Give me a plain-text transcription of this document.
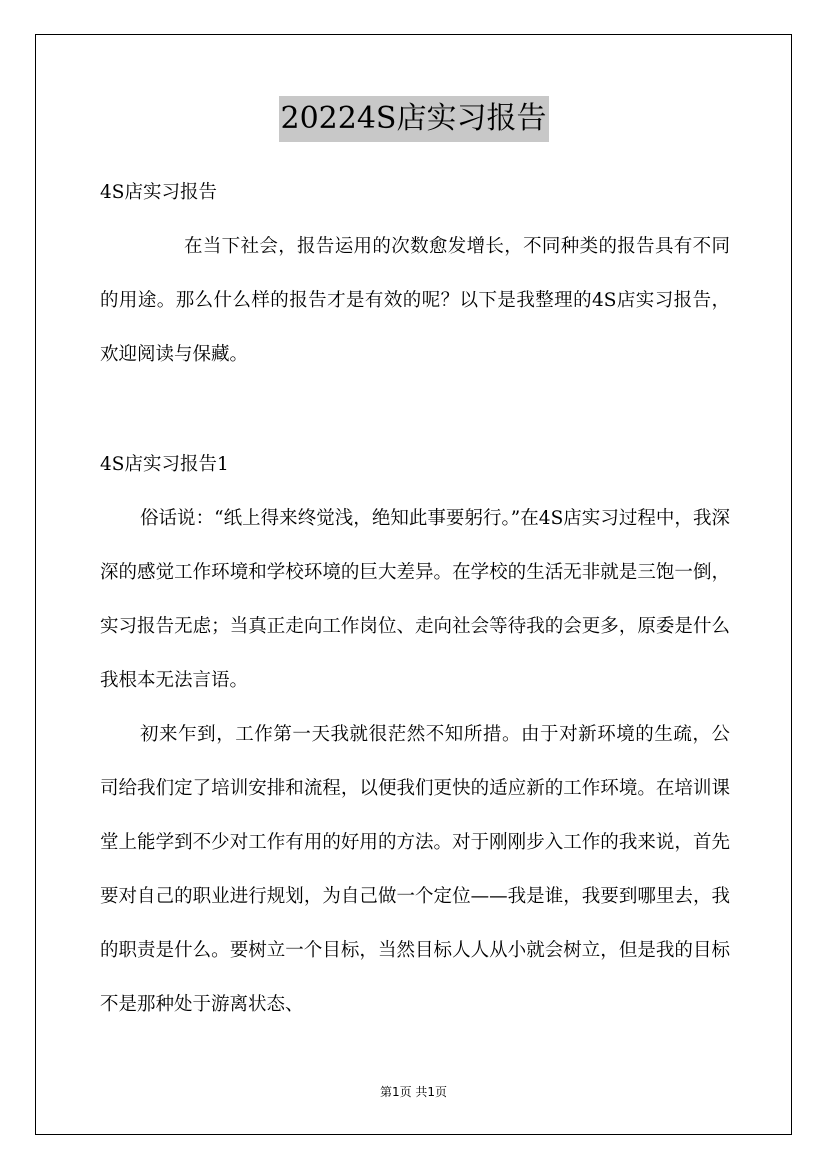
20224S店实习报告

4S店实习报告

在当下社会，报告运用的次数愈发增长，不同种类的报告具有不同的用途。那么什么样的报告才是有效的呢？以下是我整理的4S店实习报告，欢迎阅读与保藏。

4S店实习报告1

俗话说：“纸上得来终觉浅，绝知此事要躬行。”在4S店实习过程中，我深深的感觉工作环境和学校环境的巨大差异。在学校的生活无非就是三饱一倒，实习报告无虑；当真正走向工作岗位、走向社会等待我的会更多，原委是什么我根本无法言语。

初来乍到，工作第一天我就很茫然不知所措。由于对新环境的生疏，公司给我们定了培训安排和流程，以便我们更快的适应新的工作环境。在培训课堂上能学到不少对工作有用的好用的方法。对于刚刚步入工作的我来说，首先要对自己的职业进行规划，为自己做一个定位——我是谁，我要到哪里去，我的职责是什么。要树立一个目标，当然目标人人从小就会树立，但是我的目标不是那种处于游离状态、

第1页 共1页
